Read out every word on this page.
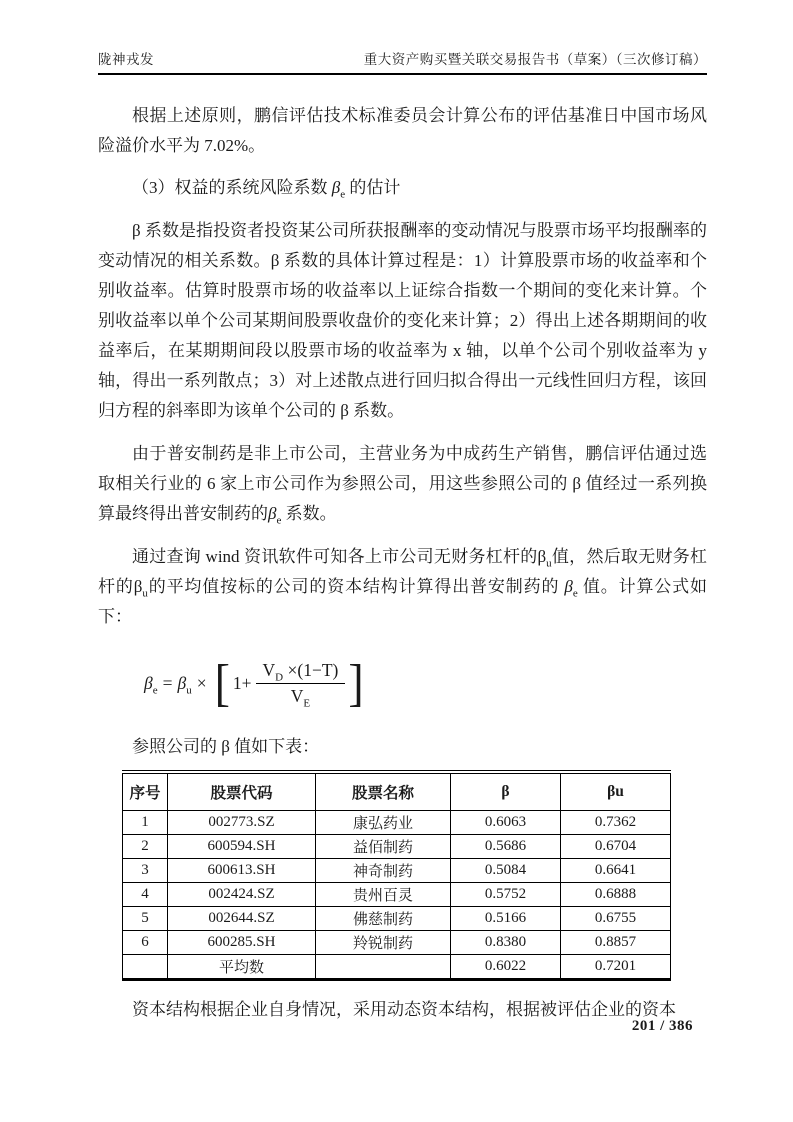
陇神戎发	重大资产购买暨关联交易报告书（草案）（三次修订稿）

根据上述原则，鹏信评估技术标准委员会计算公布的评估基准日中国市场风险溢价水平为 7.02%。

（3）权益的系统风险系数 $\beta_e$ 的估计

β 系数是指投资者投资某公司所获报酬率的变动情况与股票市场平均报酬率的变动情况的相关系数。β 系数的具体计算过程是：1）计算股票市场的收益率和个别收益率。估算时股票市场的收益率以上证综合指数一个期间的变化来计算。个别收益率以单个公司某期间股票收盘价的变化来计算；2）得出上述各期期间的收益率后，在某期期间段以股票市场的收益率为 x 轴，以单个公司个别收益率为 y 轴，得出一系列散点；3）对上述散点进行回归拟合得出一元线性回归方程，该回归方程的斜率即为该单个公司的 β 系数。

由于普安制药是非上市公司，主营业务为中成药生产销售，鹏信评估通过选取相关行业的 6 家上市公司作为参照公司，用这些参照公司的 β 值经过一系列换算最终得出普安制药的$\beta_e$ 系数。

通过查询 wind 资讯软件可知各上市公司无财务杠杆的$\beta_u$值，然后取无财务杠杆的$\beta_u$的平均值按标的公司的资本结构计算得出普安制药的 $\beta_e$ 值。计算公式如下：

$\beta_e = \beta_u$ × [ $1+ \frac{V_D \times(1-T)}{V_E}$ ]

参照公司的 β 值如下表：

序号	股票代码	股票名称	β	βu
1	002773.SZ	康弘药业	0.6063	0.7362
2	600594.SH	益佰制药	0.5686	0.6704
3	600613.SH	神奇制药	0.5084	0.6641
4	002424.SZ	贵州百灵	0.5752	0.6888
5	002644.SZ	佛慈制药	0.5166	0.6755
6	600285.SH	羚锐制药	0.8380	0.8857
	平均数		0.6022	0.7201

资本结构根据企业自身情况，采用动态资本结构，根据被评估企业的资本

201 / 386
